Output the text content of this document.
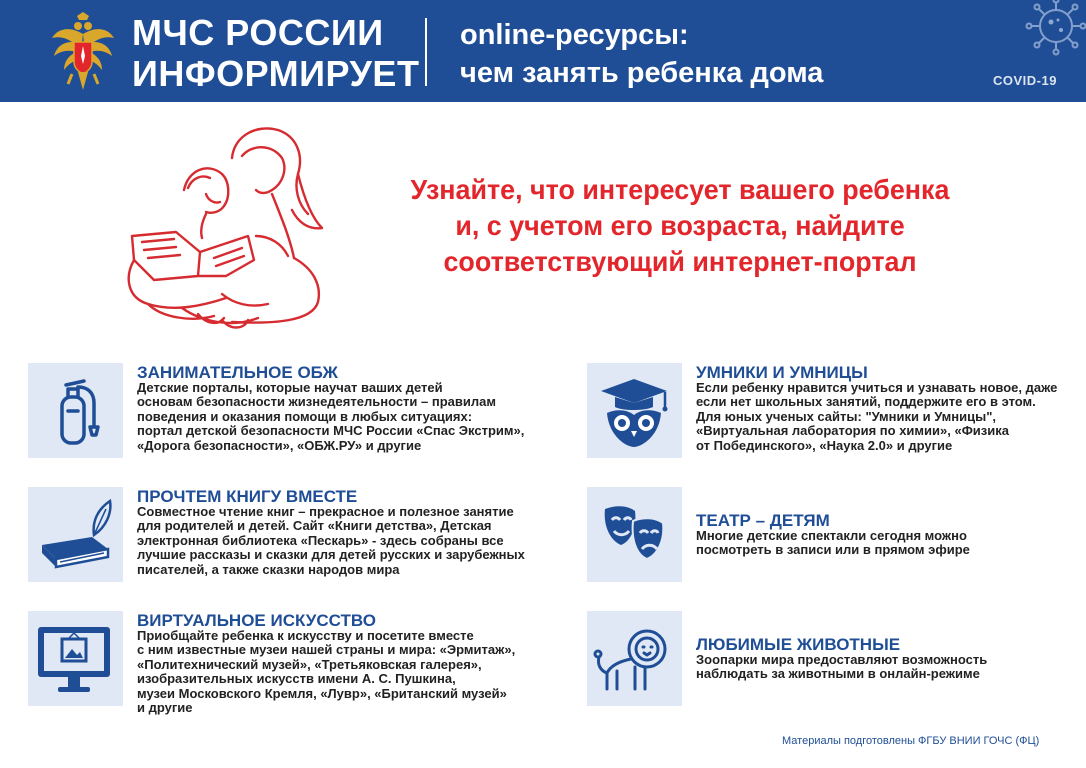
МЧС РОССИИ
ИНФОРМИРУЕТ
online-ресурсы:
чем занять ребенка дома	COVID-19
Узнайте, что интересует вашего ребенка
и, с учетом его возраста, найдите
соответствующий интернет-портал
ЗАНИМАТЕЛЬНОЕ ОБЖ
Детские порталы, которые научат ваших детей
основам безопасности жизнедеятельности – правилам
поведения и оказания помощи в любых ситуациях:
портал детской безопасности МЧС России «Спас Экстрим»,
«Дорога безопасности», «ОБЖ.РУ» и другие
ПРОЧТЕМ КНИГУ ВМЕСТЕ
Совместное чтение книг – прекрасное и полезное занятие
для родителей и детей. Сайт «Книги детства», Детская
электронная библиотека «Пескарь» - здесь собраны все
лучшие рассказы и сказки для детей русских и зарубежных
писателей, а также сказки народов мира
ВИРТУАЛЬНОЕ ИСКУССТВО
Приобщайте ребенка к искусству и посетите вместе
с ним известные музеи нашей страны и мира: «Эрмитаж»,
«Политехнический музей», «Третьяковская галерея»,
изобразительных искусств имени А. С. Пушкина,
музеи Московского Кремля, «Лувр», «Британский музей»
и другие
УМНИКИ И УМНИЦЫ
Если ребенку нравится учиться и узнавать новое, даже
если нет школьных занятий, поддержите его в этом.
Для юных ученых сайты: "Умники и Умницы",
«Виртуальная лаборатория по химии», «Физика
от Побединского», «Наука 2.0» и другие
ТЕАТР – ДЕТЯМ
Многие детские спектакли сегодня можно
посмотреть в записи или в прямом эфире
ЛЮБИМЫЕ ЖИВОТНЫЕ
Зоопарки мира предоставляют возможность
наблюдать за животными в онлайн-режиме
Материалы подготовлены ФГБУ ВНИИ ГОЧС (ФЦ)
